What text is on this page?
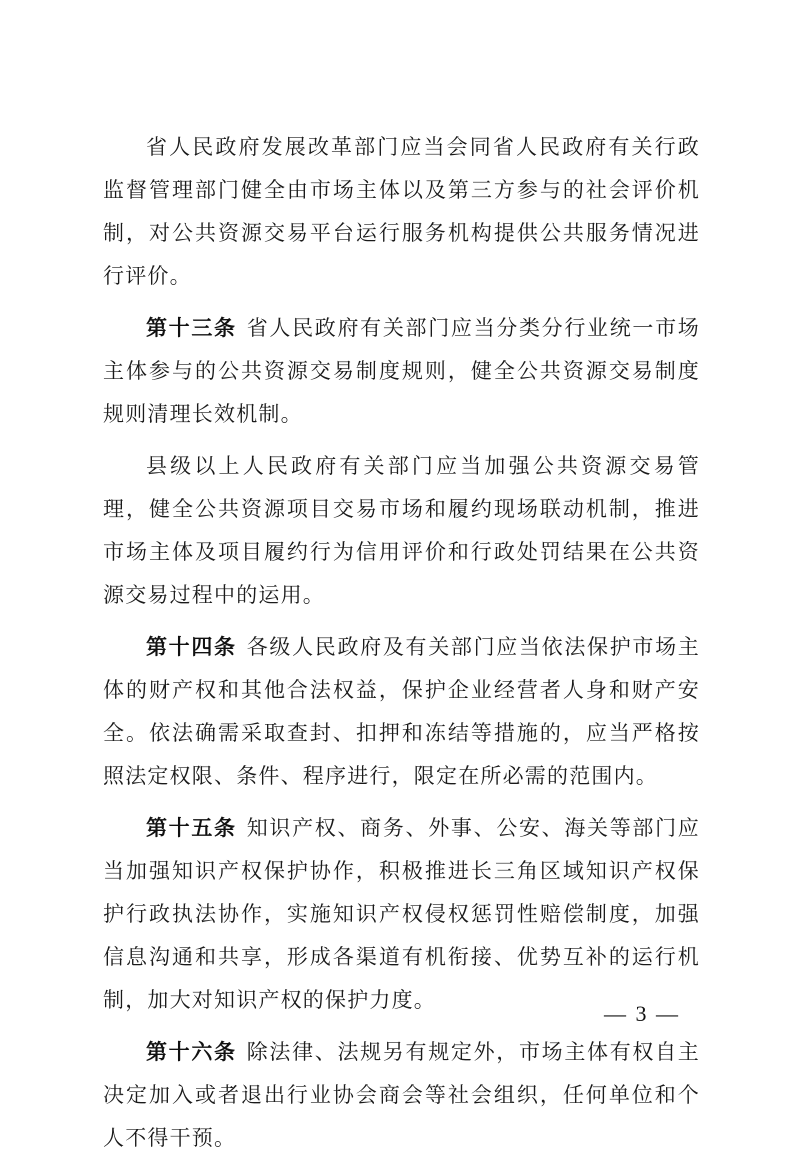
省人民政府发展改革部门应当会同省人民政府有关行政监督管理部门健全由市场主体以及第三方参与的社会评价机制，对公共资源交易平台运行服务机构提供公共服务情况进行评价。

第十三条 省人民政府有关部门应当分类分行业统一市场主体参与的公共资源交易制度规则，健全公共资源交易制度规则清理长效机制。

县级以上人民政府有关部门应当加强公共资源交易管理，健全公共资源项目交易市场和履约现场联动机制，推进市场主体及项目履约行为信用评价和行政处罚结果在公共资源交易过程中的运用。

第十四条 各级人民政府及有关部门应当依法保护市场主体的财产权和其他合法权益，保护企业经营者人身和财产安全。依法确需采取查封、扣押和冻结等措施的，应当严格按照法定权限、条件、程序进行，限定在所必需的范围内。

第十五条 知识产权、商务、外事、公安、海关等部门应当加强知识产权保护协作，积极推进长三角区域知识产权保护行政执法协作，实施知识产权侵权惩罚性赔偿制度，加强信息沟通和共享，形成各渠道有机衔接、优势互补的运行机制，加大对知识产权的保护力度。

第十六条 除法律、法规另有规定外，市场主体有权自主决定加入或者退出行业协会商会等社会组织，任何单位和个人不得干预。

— 3 —
